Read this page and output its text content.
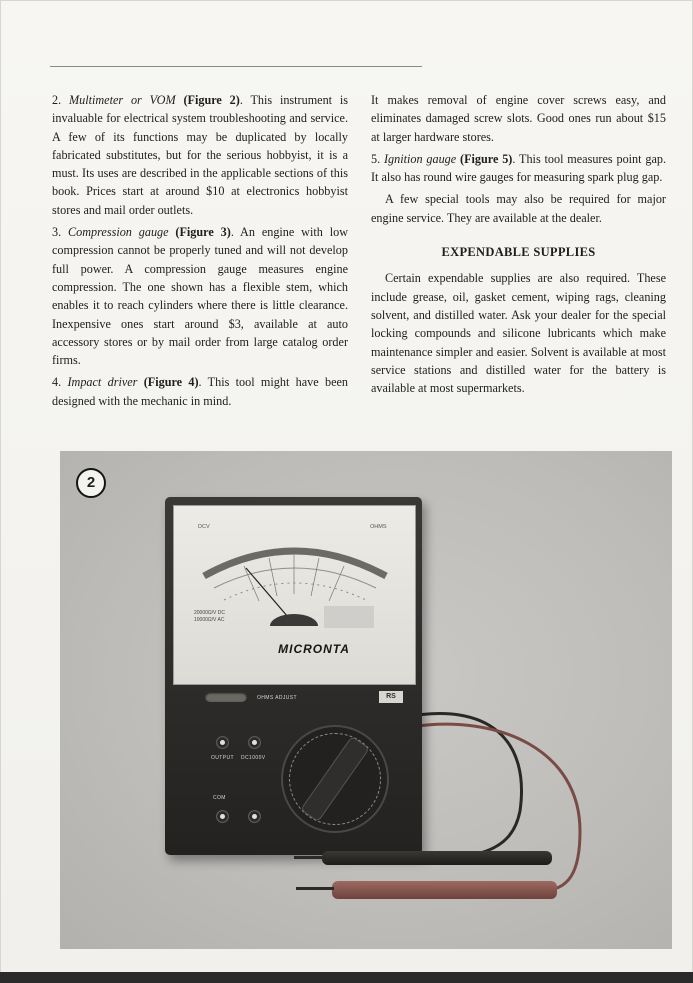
2. Multimeter or VOM (Figure 2). This instrument is invaluable for electrical system troubleshooting and service. A few of its functions may be duplicated by locally fabricated substitutes, but for the serious hobbyist, it is a must. Its uses are described in the applicable sections of this book. Prices start at around $10 at electronics hobbyist stores and mail order outlets.

3. Compression gauge (Figure 3). An engine with low compression cannot be properly tuned and will not develop full power. A compression gauge measures engine compression. The one shown has a flexible stem, which enables it to reach cylinders where there is little clearance. Inexpensive ones start around $3, available at auto accessory stores or by mail order from large catalog order firms.

4. Impact driver (Figure 4). This tool might have been designed with the mechanic in mind.

It makes removal of engine cover screws easy, and eliminates damaged screw slots. Good ones run about $15 at larger hardware stores.

5. Ignition gauge (Figure 5). This tool measures point gap. It also has round wire gauges for measuring spark plug gap.

A few special tools may also be required for major engine service. They are available at the dealer.

EXPENDABLE SUPPLIES

Certain expendable supplies are also required. These include grease, oil, gasket cement, wiping rags, cleaning solvent, and distilled water. Ask your dealer for the special locking compounds and silicone lubricants which make maintenance simpler and easier. Solvent is available at most service stations and distilled water for the battery is available at most supermarkets.

2
DCV	OHMS
20000Ω/V DC
10000Ω/V AC
MICRONTA
OHMS ADJUST	RS
OUTPUT DC1000V
COM
